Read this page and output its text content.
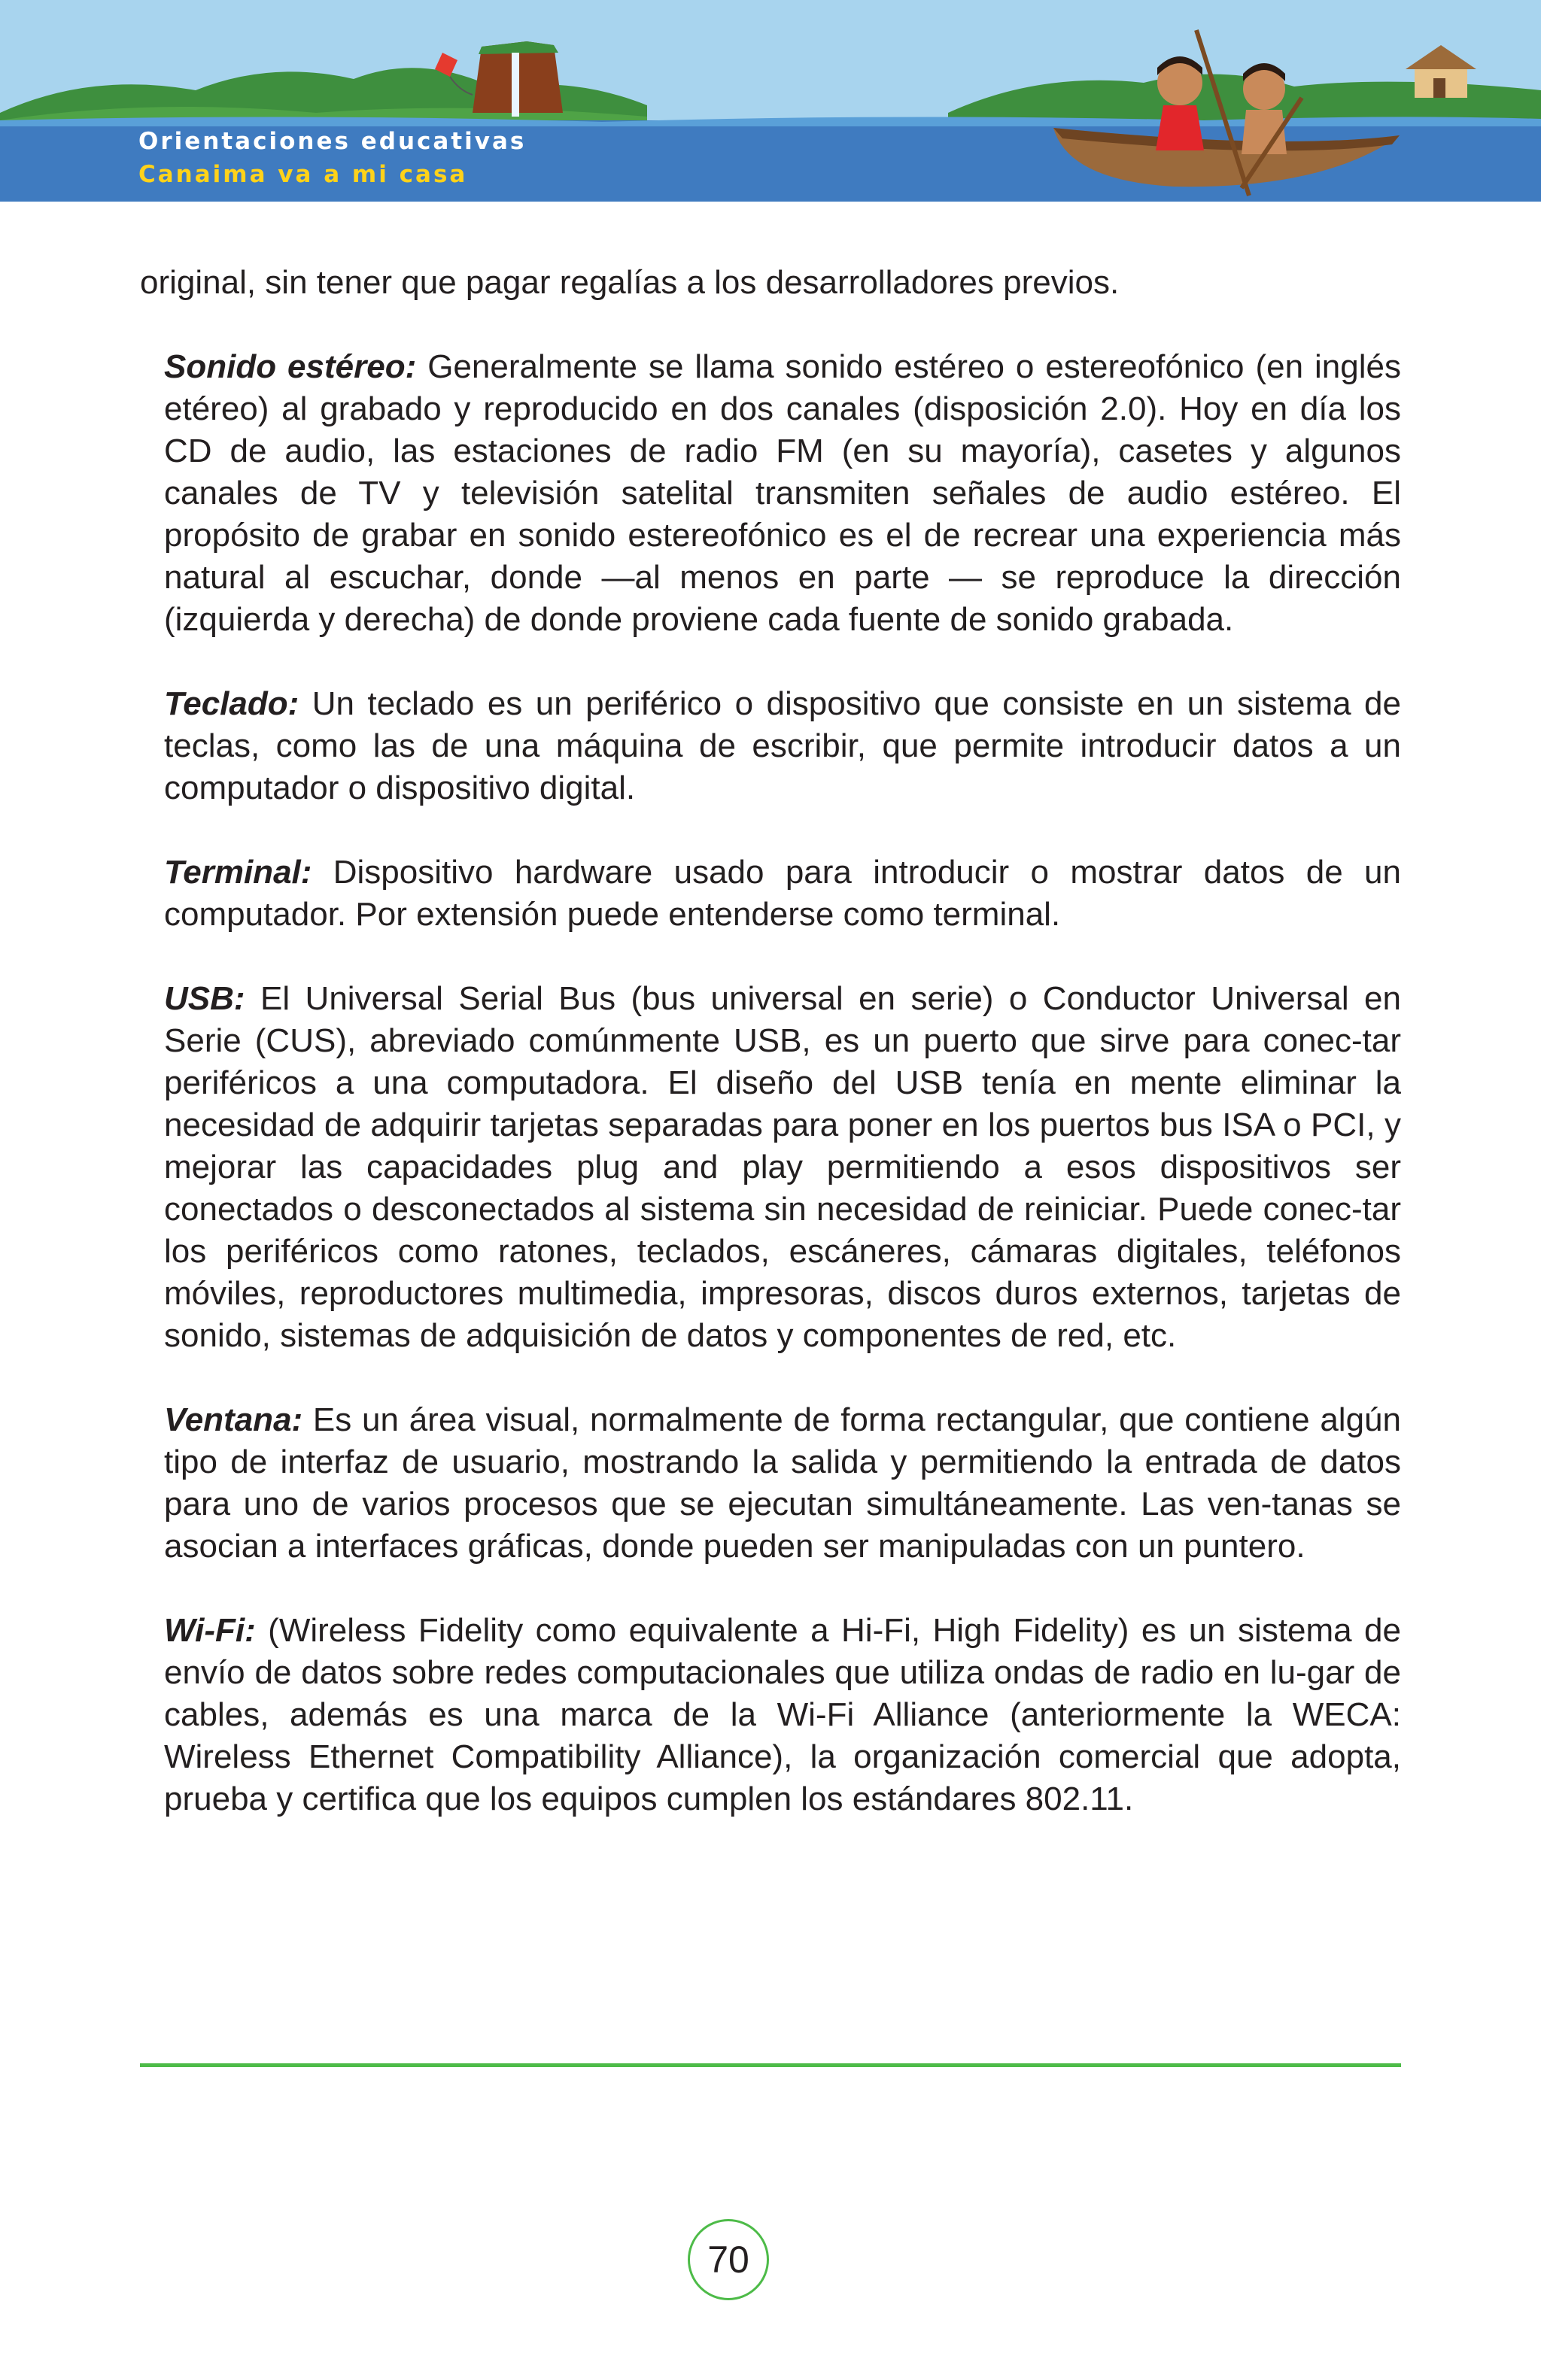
Orientaciones educativas
Canaima va a mi casa

original, sin tener que pagar regalías a los desarrolladores previos.

Sonido estéreo: Generalmente se llama sonido estéreo o estereofónico (en inglés etéreo) al grabado y reproducido en dos canales (disposición 2.0). Hoy en día los CD de audio, las estaciones de radio FM (en su mayoría), casetes y algunos canales de TV y televisión satelital transmiten señales de audio estéreo. El propósito de grabar en sonido estereofónico es el de recrear una experiencia más natural al escuchar, donde —al menos en parte — se reproduce la dirección (izquierda y derecha) de donde proviene cada fuente de sonido grabada.

Teclado: Un teclado es un periférico o dispositivo que consiste en un sistema de teclas, como las de una máquina de escribir, que permite introducir datos a un computador o dispositivo digital.

Terminal: Dispositivo hardware usado para introducir o mostrar datos de un computador. Por extensión puede entenderse como terminal.

USB: El Universal Serial Bus (bus universal en serie) o Conductor Universal en Serie (CUS), abreviado comúnmente USB, es un puerto que sirve para conec-tar periféricos a una computadora. El diseño del USB tenía en mente eliminar la necesidad de adquirir tarjetas separadas para poner en los puertos bus ISA o PCI, y mejorar las capacidades plug and play permitiendo a esos dispositivos ser conectados o desconectados al sistema sin necesidad de reiniciar. Puede conec-tar los periféricos como ratones, teclados, escáneres, cámaras digitales, teléfonos móviles, reproductores multimedia, impresoras, discos duros externos, tarjetas de sonido, sistemas de adquisición de datos y componentes de red, etc.

Ventana: Es un área visual, normalmente de forma rectangular, que contiene algún tipo de interfaz de usuario, mostrando la salida y permitiendo la entrada de datos para uno de varios procesos que se ejecutan simultáneamente. Las ven-tanas se asocian a interfaces gráficas, donde pueden ser manipuladas con un puntero.

Wi-Fi: (Wireless Fidelity como equivalente a Hi-Fi, High Fidelity) es un sistema de envío de datos sobre redes computacionales que utiliza ondas de radio en lu-gar de cables, además es una marca de la Wi-Fi Alliance (anteriormente la WECA: Wireless Ethernet Compatibility Alliance), la organización comercial que adopta, prueba y certifica que los equipos cumplen los estándares 802.11.

70
